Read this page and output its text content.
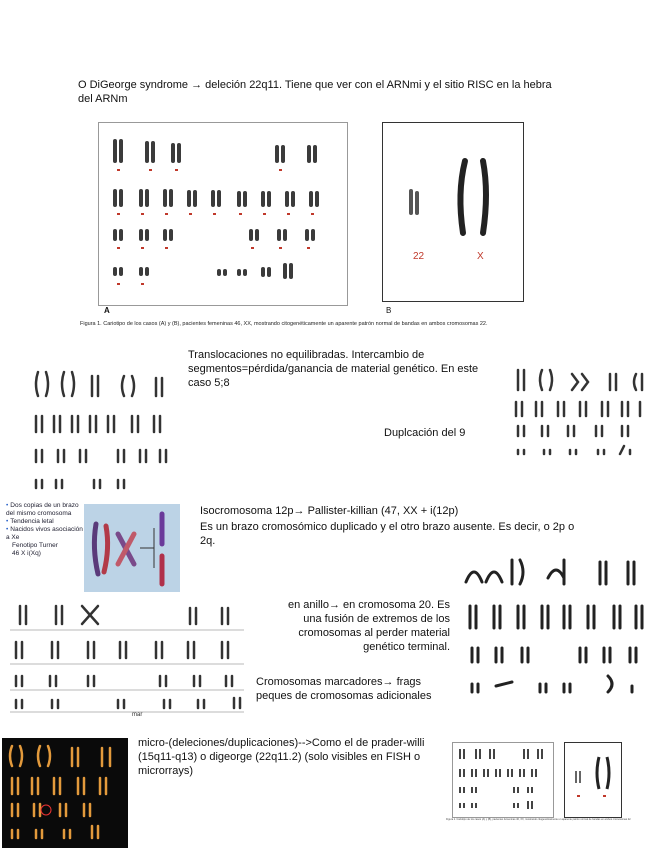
O DiGeorge syndrome → deleción 22q11. Tiene que ver con el ARNmi y el sitio RISC en la hebra del ARNm
A
22	X
B
Figura 1. Cariotipo de los casos (A) y (B), pacientes femeninas 46, XX, mostrando citogenéticamente un aparente patrón normal de bandas en ambos cromosomas 22.
Translocaciones no equilibradas. Intercambio de segmentos=pérdida/ganancia de material genético. En este caso 5;8
Duplcación del 9
• Dos copias de un brazo del mismo cromosoma
• Tendencia letal
• Nacidos vivos asociación a Xe
Fenotipo Turner
46 X i(Xq)
Isocromosoma 12p→ Pallister-killian (47, XX + i(12p)
Es un brazo cromosómico duplicado y el otro brazo ausente. Es decir, o 2p o 2q.
en anillo→ en cromosoma 20. Es una fusión de extremos de los cromosomas al perder material genético terminal.
mar
Cromosomas marcadores→ frags peques de cromosomas adicionales
micro-(deleciones/duplicaciones)-->Como el de prader-willi (15q11-q13) o digeorge (22q11.2) (solo visibles en FISH o microrrays)
Figura 1. Cariotipo de los casos (A) y (B), pacientes femeninas 46, XX, mostrando citogenéticamente un aparente patrón normal de bandas en ambos cromosomas 22.
